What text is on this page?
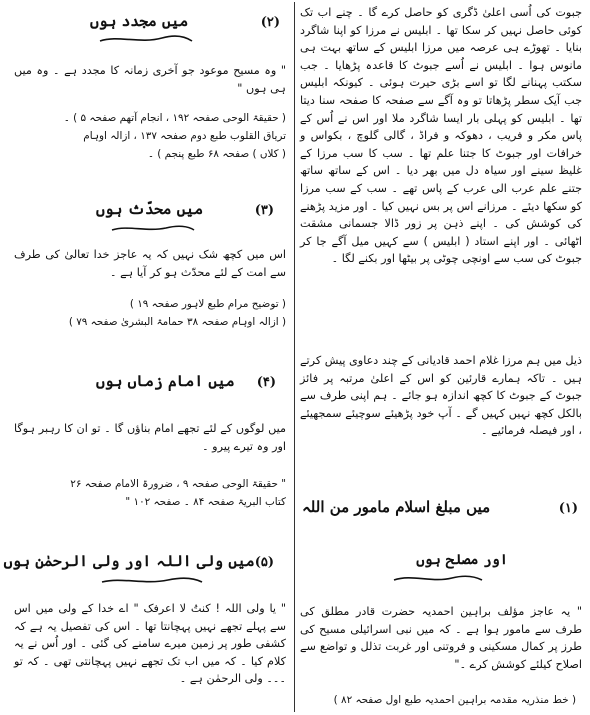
جبوت کی اُسی اعلیٰ ڈگری کو حاصل کرے گا ۔ چنے اب تک کوئی حاصل نہیں کر سکا تھا ۔ ابلیس نے مرزا کو اپنا شاگرد بنایا ۔ تھوڑے ہی عرصہ میں مرزا ابلیس کے ساتھ بہت ہی مانوس ہوا ۔ ابلیس نے اُسے جبوٹ کا قاعدہ پڑھایا ۔ جب سکتب پہنانے لگا تو اسے بڑی حیرت ہوئی ۔ کیونکہ ابلیس جب آیک سطر پڑھاتا تو وہ آگے سے صفحہ کا صفحہ سنا دیتا تھا ۔ ابلیس کو پہلی بار ایسا شاگرد ملا اور اس نے اُس کے پاس مکر و فریب ، دھوکہ و فراڈ ، گالی گلوچ ، بکواس و خرافات اور جبوٹ کا جتنا علم تھا ۔ سب کا سب مرزا کے غلیظ سینے اور سیاہ دل میں بھر دیا ۔ اس کے ساتھ ساتھ جتنے علم عرب الی عرب کے پاس تھے ۔ سب کے سب مرزا کو سکھا دیئے ۔ مرزانے اس پر بس نہیں کیا ۔ اور مزید پڑھنے کی کوشش کی ۔ اپنے ذہن پر زور ڈالا جسمانی مشقت اٹھائی ۔ اور اپنے استاد ( ابلیس ) سے کہیں میل آگے جا کر جبوٹ کی سب سے اونچی چوٹی پر بیٹھا اور بکنے لگا ۔

ذیل میں ہم مرزا غلام احمد قادیانی کے چند دعاوی پیش کرتے ہیں ۔ تاکہ ہمارے قارئین کو اس کے اعلیٰ مرتبہ پر فائز جبوٹ کے جبوٹ کا کچھ اندازہ ہو جائے ۔ ہم اپنی طرف سے بالکل کچھ نہیں کہیں گے ۔ آپ خود پڑھیئے سوچیئے سمجھیئے ، اور فیصلہ فرمائیے ۔

(۱)
میں مبلغ اسلام مامور من اللہ
اور مصلح ہوں

" یہ عاجز مؤلف براہین احمدیہ حضرت قادر مطلق کی طرف سے مامور ہوا ہے ۔ کہ میں نبی اسرائیلی مسیح کی طرز پر کمال مسکینی و فروتنی اور غربت تذلل و تواضع سے اصلاح کیلئے کوشش کرے ۔"

( خط منذریہ مقدمہ براہین احمدیہ طبع اول صفحہ ۸۲ )

(۲)
میں مجدد ہوں

" وہ مسیح موعود جو آخری زمانہ کا مجدد ہے ۔ وہ میں ہی ہوں "

( حقیقۃ الوحی صفحہ ۱۹۲ ، انجام آتھم صفحہ ۵ ) ۔

تریاق القلوب طبع دوم صفحہ ۱۳۷ ، ازالہ اوہام

( کلاں ) صفحہ ۶۸ طبع پنجم ) ۔

(۳)
میں محدّث ہوں

اس میں کچھ شک نہیں کہ یہ عاجز خدا تعالیٰ کی طرف سے امت کے لئے محدّث ہو کر آیا ہے ۔

( توضیح مرام طبع لاہور صفحہ ۱۹ )

( ازالہ اوہام صفحہ ۳۸ حمامۃ البشریٰ صفحہ ۷۹ )

(۴)
میں امام زماں ہوں

میں لوگوں کے لئے تجھے امام بناؤں گا ۔ تو ان کا رہبر ہوگا اور وہ تیرے پیرو ۔

" حقیقۃ الوحی صفحہ ۹ ، ضرورۃ الامام صفحہ ۲۶

کتاب البریۃ صفحہ ۸۴ ۔ صفحہ ۱۰۲ "

(۵)
میں ولی اللہ اور ولی الرحمٰن ہوں

" یا ولی اللہ ! کنتُ لا اعرفک " اے خدا کے ولی میں اس سے پہلے تجھے نہیں پہچانتا تھا ۔ اس کی تفصیل یہ ہے کہ کشفی طور پر زمین میرے سامنے کی گئی ۔ اور اُس نے یہ کلام کیا ۔ کہ میں اب تک تجھے نہیں پہچانتی تھی ۔ کہ تو ۔۔۔ ولی الرحمٰن ہے ۔
